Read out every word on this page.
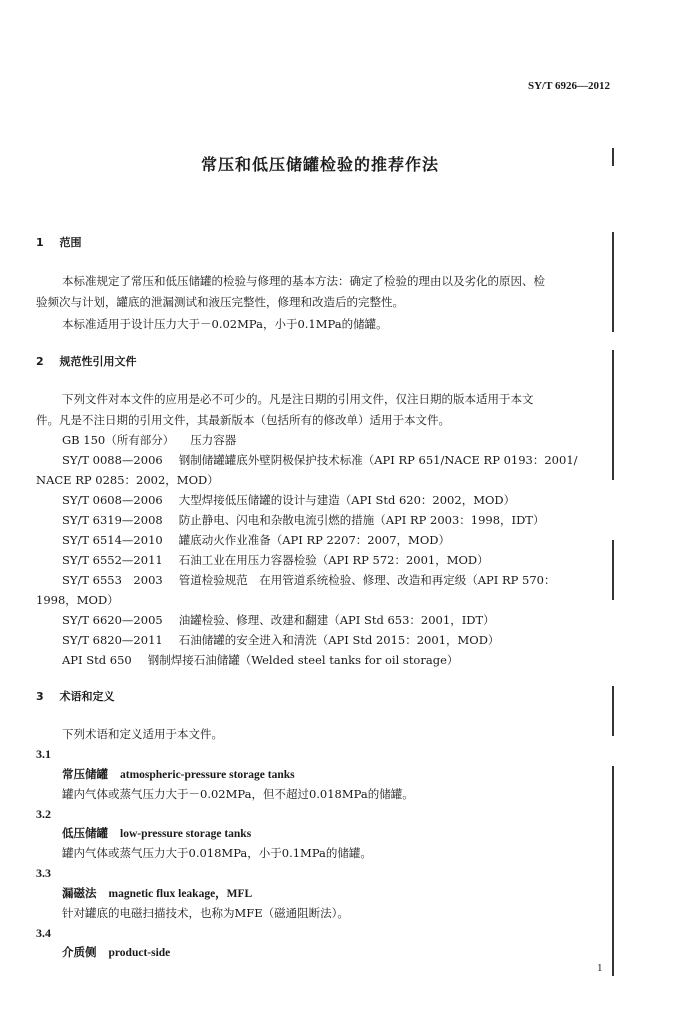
SY/T 6926—2012
常压和低压储罐检验的推荐作法
1 范围
本标准规定了常压和低压储罐的检验与修理的基本方法：确定了检验的理由以及劣化的原因、检
验频次与计划，罐底的泄漏测试和液压完整性，修理和改造后的完整性。
本标准适用于设计压力大于－0.02MPa，小于0.1MPa的储罐。
2 规范性引用文件
下列文件对本文件的应用是必不可少的。凡是注日期的引用文件，仅注日期的版本适用于本文
件。凡是不注日期的引用文件，其最新版本（包括所有的修改单）适用于本文件。
GB 150（所有部分） 压力容器
SY/T 0088—2006 钢制储罐罐底外壁阴极保护技术标准（API RP 651/NACE RP 0193：2001/
NACE RP 0285：2002，MOD）
SY/T 0608—2006 大型焊接低压储罐的设计与建造（API Std 620：2002，MOD）
SY/T 6319—2008 防止静电、闪电和杂散电流引燃的措施（API RP 2003：1998，IDT）
SY/T 6514—2010 罐底动火作业准备（API RP 2207：2007，MOD）
SY/T 6552—2011 石油工业在用压力容器检验（API RP 572：2001，MOD）
SY/T 6553　2003 管道检验规范　在用管道系统检验、修理、改造和再定级（API RP 570：
1998，MOD）
SY/T 6620—2005 油罐检验、修理、改建和翻建（API Std 653：2001，IDT）
SY/T 6820—2011 石油储罐的安全进入和清洗（API Std 2015：2001，MOD）
API Std 650 钢制焊接石油储罐（Welded steel tanks for oil storage）
3 术语和定义
下列术语和定义适用于本文件。
3.1
常压储罐 atmospheric-pressure storage tanks
罐内气体或蒸气压力大于－0.02MPa，但不超过0.018MPa的储罐。
3.2
低压储罐 low-pressure storage tanks
罐内气体或蒸气压力大于0.018MPa，小于0.1MPa的储罐。
3.3
漏磁法 magnetic flux leakage，MFL
针对罐底的电磁扫描技术，也称为MFE（磁通阻断法）。
3.4
介质侧 product-side
1
